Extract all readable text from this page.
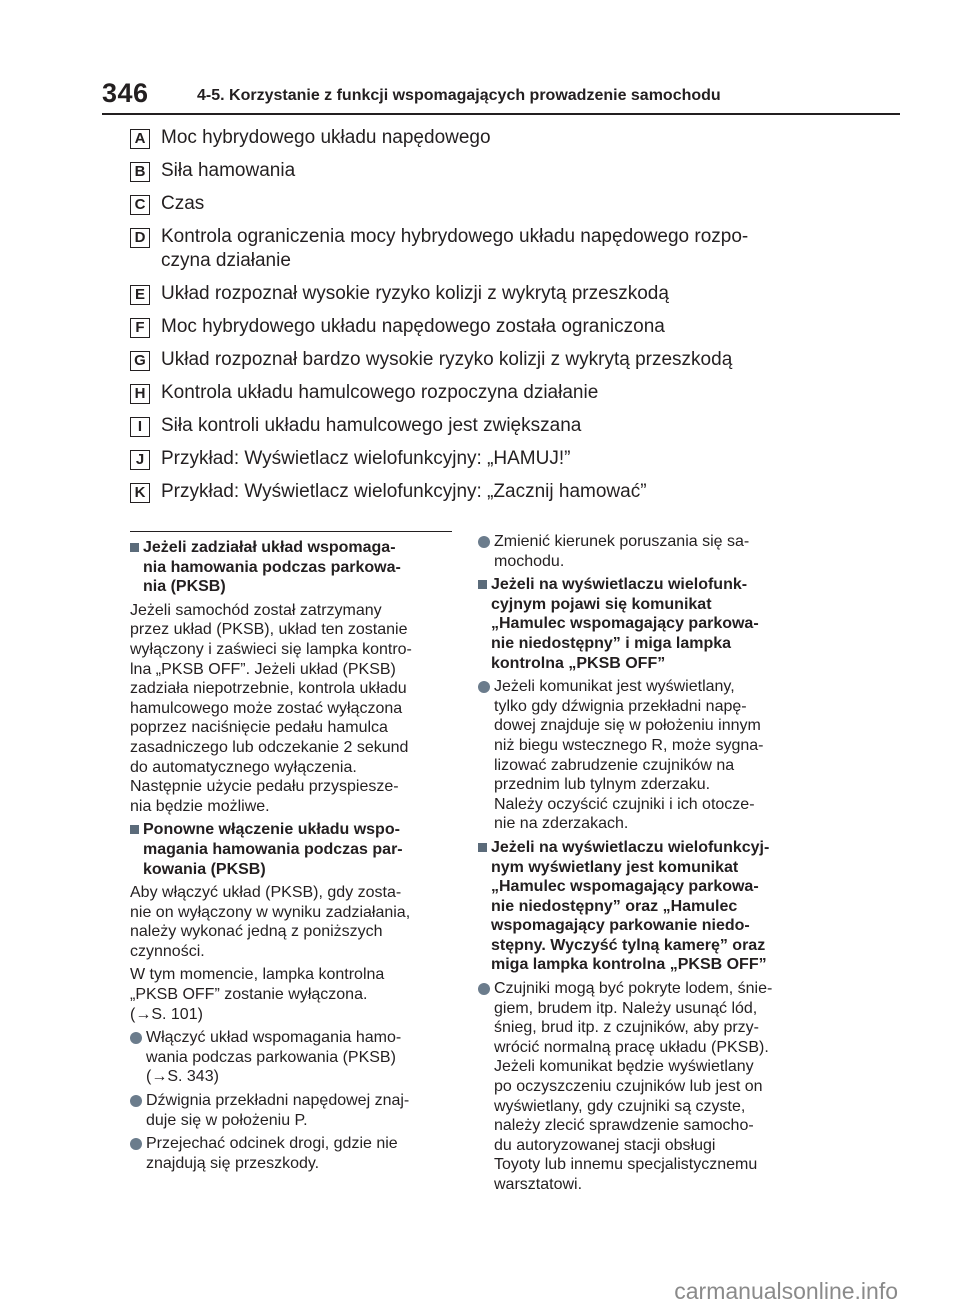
346	4-5. Korzystanie z funkcji wspomagających prowadzenie samochodu
A Moc hybrydowego układu napędowego
B Siła hamowania
C Czas
D Kontrola ograniczenia mocy hybrydowego układu napędowego rozpo-
czyna działanie
E Układ rozpoznał wysokie ryzyko kolizji z wykrytą przeszkodą
F Moc hybrydowego układu napędowego została ograniczona
G Układ rozpoznał bardzo wysokie ryzyko kolizji z wykrytą przeszkodą
H Kontrola układu hamulcowego rozpoczyna działanie
I Siła kontroli układu hamulcowego jest zwiększana
J Przykład: Wyświetlacz wielofunkcyjny: „HAMUJ!”
K Przykład: Wyświetlacz wielofunkcyjny: „Zacznij hamować”
Jeżeli zadziałał układ wspomaga-
nia hamowania podczas parkowa-
nia (PKSB)

Jeżeli samochód został zatrzymany
przez układ (PKSB), układ ten zostanie
wyłączony i zaświeci się lampka kontro-
lna „PKSB OFF”. Jeżeli układ (PKSB)
zadziała niepotrzebnie, kontrola układu
hamulcowego może zostać wyłączona
poprzez naciśnięcie pedału hamulca
zasadniczego lub odczekanie 2 sekund
do automatycznego wyłączenia.
Następnie użycie pedału przyspiesze-
nia będzie możliwe.

Ponowne włączenie układu wspo-
magania hamowania podczas par-
kowania (PKSB)

Aby włączyć układ (PKSB), gdy zosta-
nie on wyłączony w wyniku zadziałania,
należy wykonać jedną z poniższych
czynności.

W tym momencie, lampka kontrolna
„PKSB OFF” zostanie wyłączona.
(→S. 101)

Włączyć układ wspomagania hamo-
wania podczas parkowania (PKSB)
(→S. 343)
Dźwignia przekładni napędowej znaj-
duje się w położeniu P.
Przejechać odcinek drogi, gdzie nie
znajdują się przeszkody.
Zmienić kierunek poruszania się sa-
mochodu.
Jeżeli na wyświetlaczu wielofunk-
cyjnym pojawi się komunikat
„Hamulec wspomagający parkowa-
nie niedostępny” i miga lampka
kontrolna „PKSB OFF”
Jeżeli komunikat jest wyświetlany,
tylko gdy dźwignia przekładni napę-
dowej znajduje się w położeniu innym
niż biegu wstecznego R, może sygna-
lizować zabrudzenie czujników na
przednim lub tylnym zderzaku.
Należy oczyścić czujniki i ich otocze-
nie na zderzakach.
Jeżeli na wyświetlaczu wielofunkcyj-
nym wyświetlany jest komunikat
„Hamulec wspomagający parkowa-
nie niedostępny” oraz „Hamulec
wspomagający parkowanie niedo-
stępny. Wyczyść tylną kamerę” oraz
miga lampka kontrolna „PKSB OFF”
Czujniki mogą być pokryte lodem, śnie-
giem, brudem itp. Należy usunąć lód,
śnieg, brud itp. z czujników, aby przy-
wrócić normalną pracę układu (PKSB).
Jeżeli komunikat będzie wyświetlany
po oczyszczeniu czujników lub jest on
wyświetlany, gdy czujniki są czyste,
należy zlecić sprawdzenie samocho-
du autoryzowanej stacji obsługi
Toyoty lub innemu specjalistycznemu
warsztatowi.
carmanualsonline.info
